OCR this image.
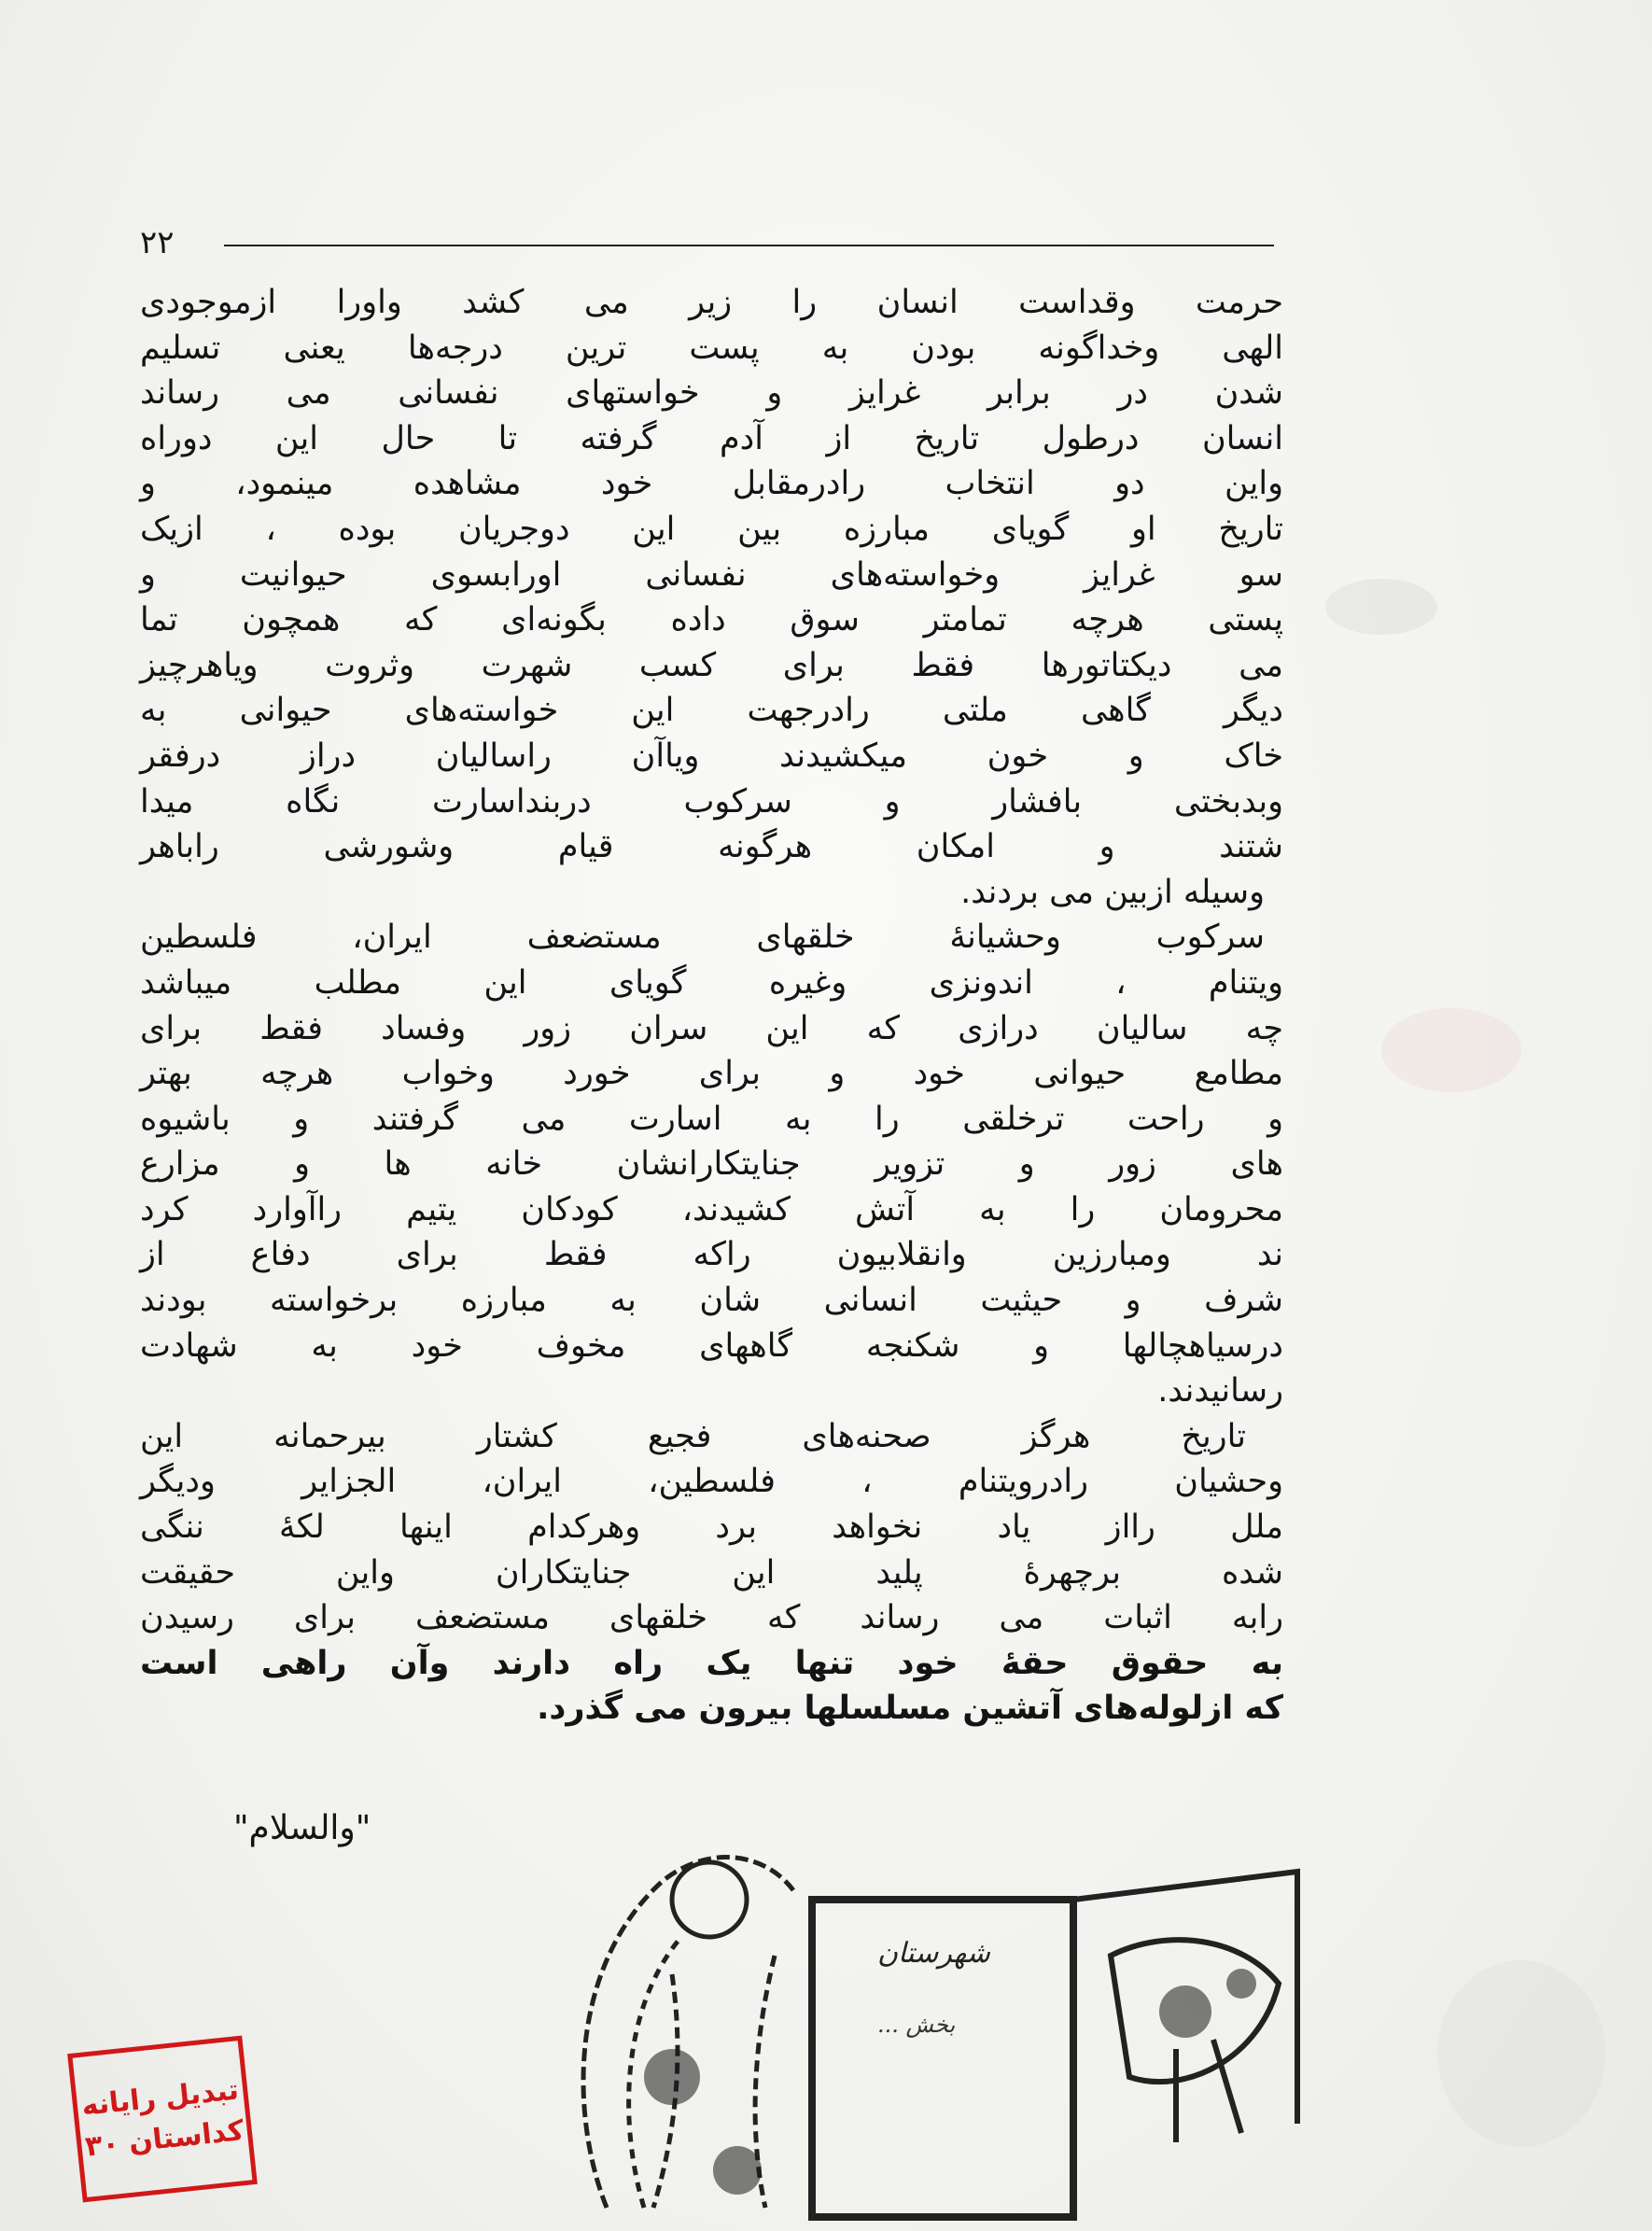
۲۲
حرمت وقداست انسان را زیر می کشد واورا ازموجودی
الهی وخداگونه بودن به پست ترین درجه‌ها یعنی تسلیم
شدن در برابر غرایز و خواستهای نفسانی می رساند
انسان درطول تاریخ از آدم گرفته تا حال این دوراه
واین دو انتخاب رادرمقابل خود مشاهده مینمود، و
تاریخ او گویای مبارزه بین این دوجریان بوده ، ازیک
سو غرایز وخواسته‌های نفسانی اورابسوی حیوانیت و
پستی هرچه تمامتر سوق داده بگونه‌ای که همچون تما
می دیکتاتورها فقط برای کسب شهرت وثروت ویاهرچیز
دیگر گاهی ملتی رادرجهت این خواسته‌های حیوانی به
خاک و خون میکشیدند ویاآن راسالیان دراز درفقر
وبدبختی بافشار و سرکوب دربنداسارت نگاه میدا
شتند و امکان هرگونه قیام وشورشی راباهر
وسیله ازبین می بردند.
سرکوب وحشیانهٔ خلقهای مستضعف ایران، فلسطین
ویتنام ، اندونزی وغیره گویای این مطلب میباشد
چه سالیان درازی که این سران زور وفساد فقط برای
مطامع حیوانی خود و برای خورد وخواب هرچه بهتر
و راحت ترخلقی را به اسارت می گرفتند و باشیوه
های زور و تزویر جنایتکارانشان خانه ها و مزارع
محرومان را به آتش کشیدند، کودکان یتیم راآوارد کرد
ند ومبارزین وانقلابیون راکه فقط برای دفاع از
شرف و حیثیت انسانی شان به مبارزه برخواسته بودند
درسیاهچالها و شکنجه گاههای مخوف خود به شهادت
رسانیدند.
تاریخ هرگز صحنه‌های فجیع کشتار بیرحمانه این
وحشیان رادرویتنام ، فلسطین، ایران، الجزایر ودیگر
ملل رااز یاد نخواهد برد وهرکدام اینها لکهٔ ننگی
شده برچهرهٔ پلید این جنایتکاران واین حقیقت
رابه اثبات می رساند که خلقهای مستضعف برای رسیدن
به حقوق حقهٔ خود تنها یک راه دارند وآن راهی است
که ازلوله‌های آتشین مسلسلها بیرون می گذرد.
"والسلام"
شهرستان
بخش ...
تبدیل رایانه
کداستان ۳۰
